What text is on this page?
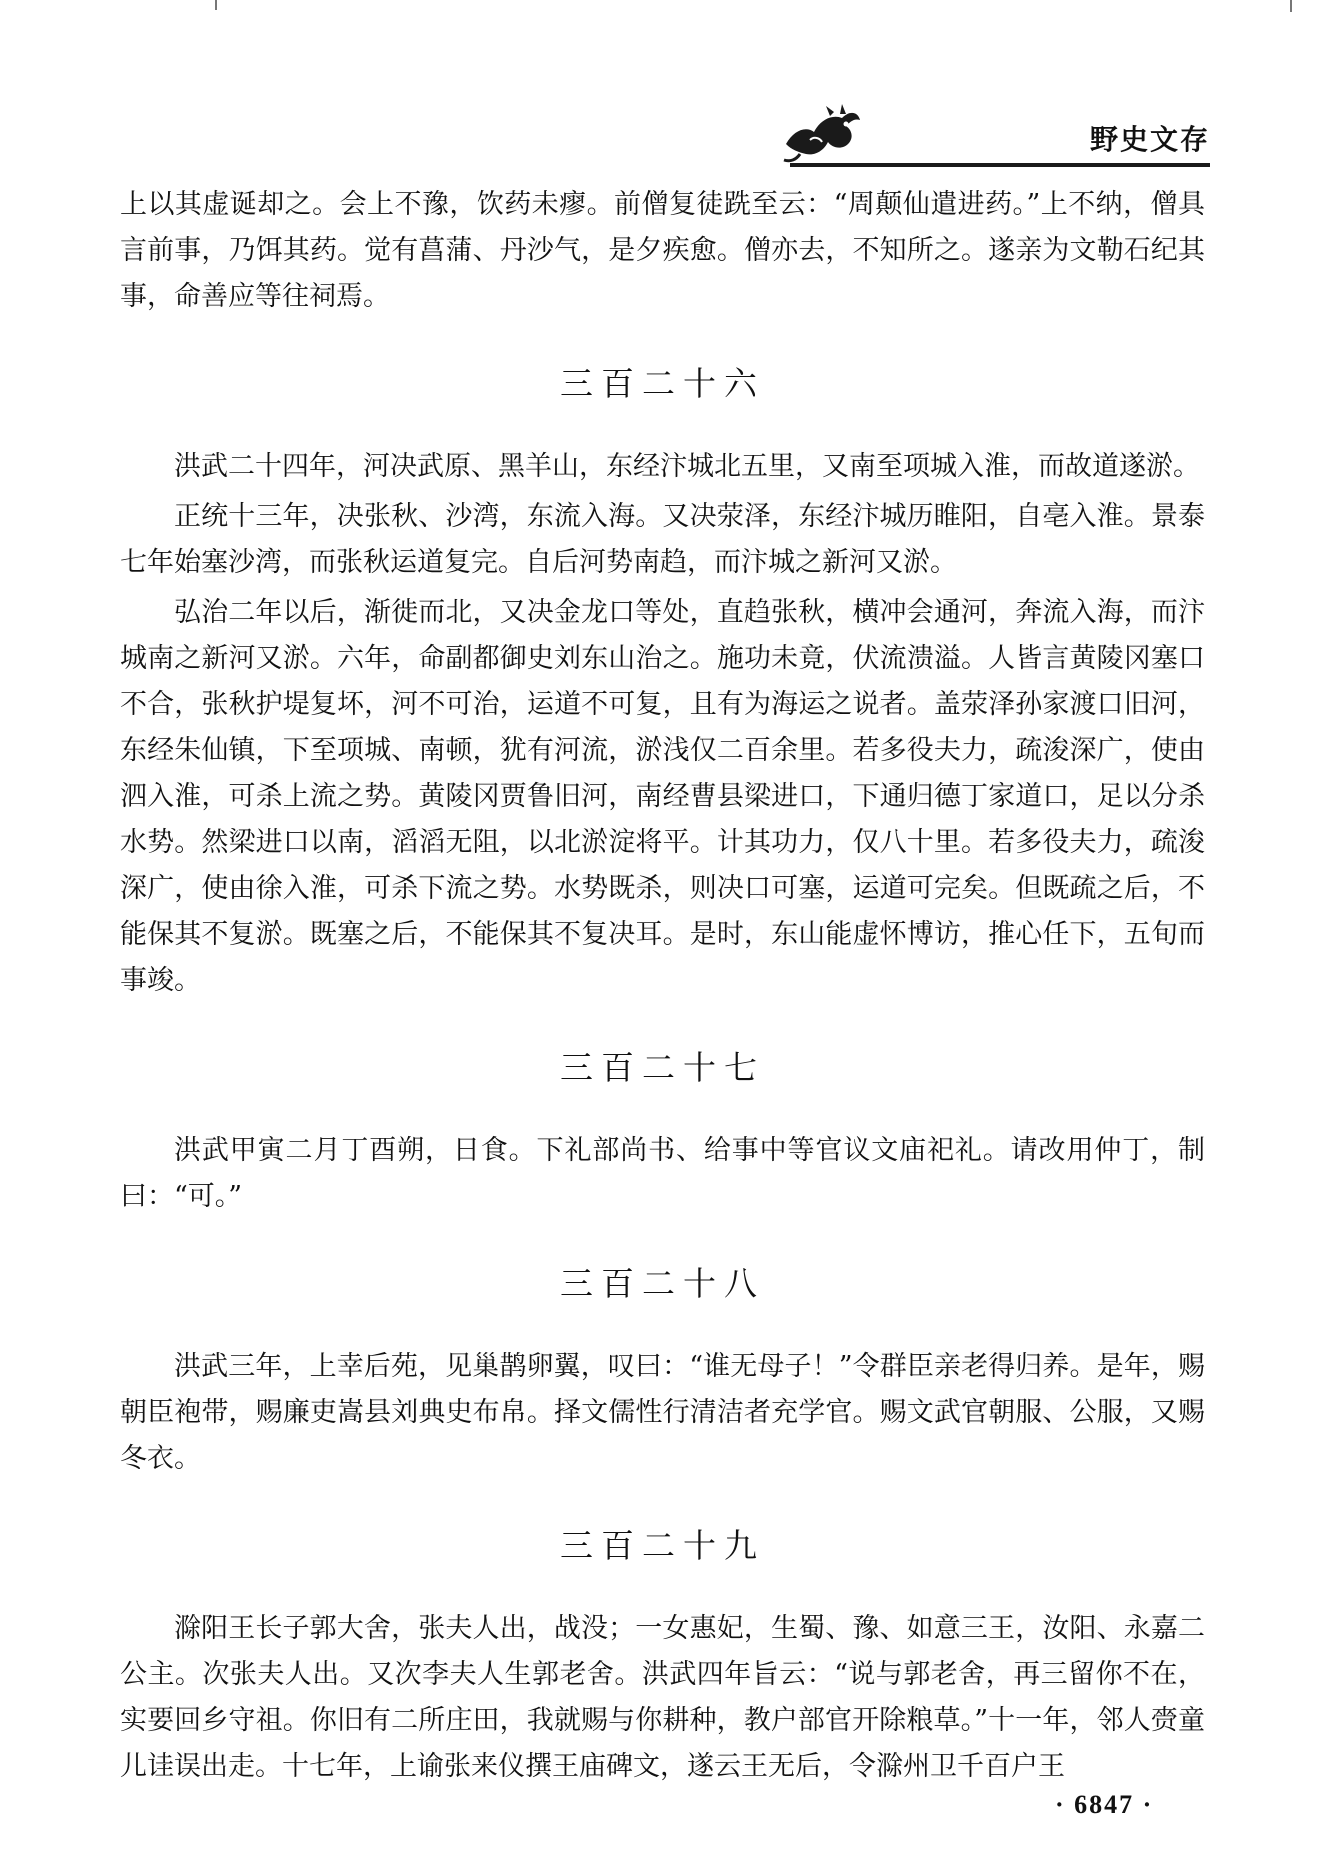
野史文存

上以其虚诞却之。会上不豫，饮药未瘳。前僧复徒跣至云：“周颠仙遣进药。”上不纳，僧具言前事，乃饵其药。觉有菖蒲、丹沙气，是夕疾愈。僧亦去，不知所之。遂亲为文勒石纪其事，命善应等往祠焉。

三百二十六

洪武二十四年，河决武原、黑羊山，东经汴城北五里，又南至项城入淮，而故道遂淤。

正统十三年，决张秋、沙湾，东流入海。又决荥泽，东经汴城历睢阳，自亳入淮。景泰七年始塞沙湾，而张秋运道复完。自后河势南趋，而汴城之新河又淤。

弘治二年以后，渐徙而北，又决金龙口等处，直趋张秋，横冲会通河，奔流入海，而汴城南之新河又淤。六年，命副都御史刘东山治之。施功未竟，伏流溃溢。人皆言黄陵冈塞口不合，张秋护堤复坏，河不可治，运道不可复，且有为海运之说者。盖荥泽孙家渡口旧河，东经朱仙镇，下至项城、南顿，犹有河流，淤浅仅二百余里。若多役夫力，疏浚深广，使由泗入淮，可杀上流之势。黄陵冈贾鲁旧河，南经曹县梁进口，下通归德丁家道口，足以分杀水势。然梁进口以南，滔滔无阻，以北淤淀将平。计其功力，仅八十里。若多役夫力，疏浚深广，使由徐入淮，可杀下流之势。水势既杀，则决口可塞，运道可完矣。但既疏之后，不能保其不复淤。既塞之后，不能保其不复决耳。是时，东山能虚怀博访，推心任下，五旬而事竣。

三百二十七

洪武甲寅二月丁酉朔，日食。下礼部尚书、给事中等官议文庙祀礼。请改用仲丁，制曰：“可。”

三百二十八

洪武三年，上幸后苑，见巢鹊卵翼，叹曰：“谁无母子！”令群臣亲老得归养。是年，赐朝臣袍带，赐廉吏嵩县刘典史布帛。择文儒性行清洁者充学官。赐文武官朝服、公服，又赐冬衣。

三百二十九

滁阳王长子郭大舍，张夫人出，战没；一女惠妃，生蜀、豫、如意三王，汝阳、永嘉二公主。次张夫人出。又次李夫人生郭老舍。洪武四年旨云：“说与郭老舍，再三留你不在，实要回乡守祖。你旧有二所庄田，我就赐与你耕种，教户部官开除粮草。”十一年，邻人赍童儿诖误出走。十七年，上谕张来仪撰王庙碑文，遂云王无后，令滁州卫千百户王

· 6847 ·
